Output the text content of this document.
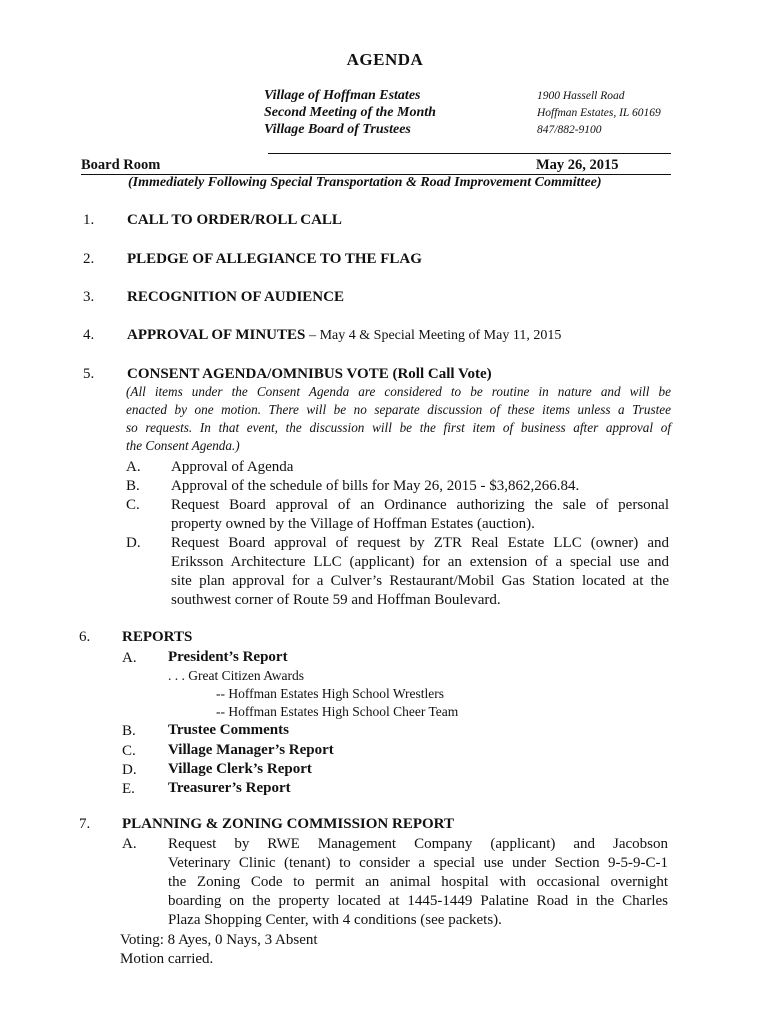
AGENDA
Village of Hoffman Estates
Second Meeting of the Month
Village Board of Trustees
1900 Hassell Road
Hoffman Estates, IL 60169
847/882-9100
Board Room	May 26, 2015
(Immediately Following Special Transportation & Road Improvement Committee)
1. CALL TO ORDER/ROLL CALL
2. PLEDGE OF ALLEGIANCE TO THE FLAG
3. RECOGNITION OF AUDIENCE
4. APPROVAL OF MINUTES – May 4 & Special Meeting of May 11, 2015
5. CONSENT AGENDA/OMNIBUS VOTE (Roll Call Vote)
(All items under the Consent Agenda are considered to be routine in nature and will be
enacted by one motion. There will be no separate discussion of these items unless a Trustee
so requests. In that event, the discussion will be the first item of business after approval of
the Consent Agenda.)
A. Approval of Agenda
B. Approval of the schedule of bills for May 26, 2015 - $3,862,266.84.
C. Request Board approval of an Ordinance authorizing the sale of personal
property owned by the Village of Hoffman Estates (auction).
D. Request Board approval of request by ZTR Real Estate LLC (owner) and
Eriksson Architecture LLC (applicant) for an extension of a special use and
site plan approval for a Culver’s Restaurant/Mobil Gas Station located at the
southwest corner of Route 59 and Hoffman Boulevard.
6. REPORTS
A. President’s Report
. . . Great Citizen Awards
-- Hoffman Estates High School Wrestlers
-- Hoffman Estates High School Cheer Team
B. Trustee Comments
C. Village Manager’s Report
D. Village Clerk’s Report
E. Treasurer’s Report
7. PLANNING & ZONING COMMISSION REPORT
A. Request by RWE Management Company (applicant) and Jacobson
Veterinary Clinic (tenant) to consider a special use under Section 9-5-9-C-1
the Zoning Code to permit an animal hospital with occasional overnight
boarding on the property located at 1445-1449 Palatine Road in the Charles
Plaza Shopping Center, with 4 conditions (see packets).
Voting: 8 Ayes, 0 Nays, 3 Absent
Motion carried.
